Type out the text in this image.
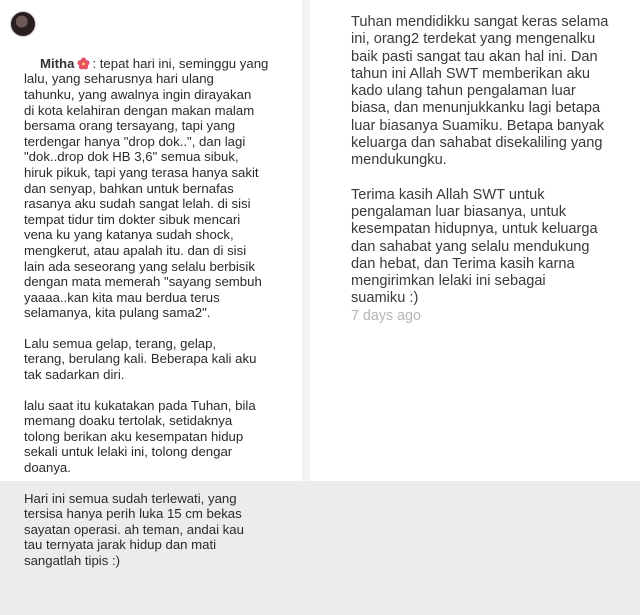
Mitha : tepat hari ini, seminggu yang

lalu, yang seharusnya hari ulang
tahunku, yang awalnya ingin dirayakan
di kota kelahiran dengan makan malam
bersama orang tersayang, tapi yang
terdengar hanya "drop dok..", dan lagi
"dok..drop dok HB 3,6" semua sibuk,
hiruk pikuk, tapi yang terasa hanya sakit
dan senyap, bahkan untuk bernafas
rasanya aku sudah sangat lelah. di sisi
tempat tidur tim dokter sibuk mencari
vena ku yang katanya sudah shock,
mengkerut, atau apalah itu. dan di sisi
lain ada seseorang yang selalu berbisik
dengan mata memerah "sayang sembuh
yaaaa..kan kita mau berdua terus
selamanya, kita pulang sama2".

Lalu semua gelap, terang, gelap,
terang, berulang kali. Beberapa kali aku
tak sadarkan diri.

lalu saat itu kukatakan pada Tuhan, bila
memang doaku tertolak, setidaknya
tolong berikan aku kesempatan hidup
sekali untuk lelaki ini, tolong dengar
doanya.

Hari ini semua sudah terlewati, yang
tersisa hanya perih luka 15 cm bekas
sayatan operasi. ah teman, andai kau
tau ternyata jarak hidup dan mati
sangatlah tipis :)

Tuhan mendidikku sangat keras selama
ini, orang2 terdekat yang mengenalku
baik pasti sangat tau akan hal ini. Dan
tahun ini Allah SWT memberikan aku
kado ulang tahun pengalaman luar
biasa, dan menunjukkanku lagi betapa
luar biasanya Suamiku. Betapa banyak
keluarga dan sahabat disekaliling yang
mendukungku.

Terima kasih Allah SWT untuk
pengalaman luar biasanya, untuk
kesempatan hidupnya, untuk keluarga
dan sahabat yang selalu mendukung
dan hebat, dan Terima kasih karna
mengirimkan lelaki ini sebagai
suamiku :)

7 days ago
